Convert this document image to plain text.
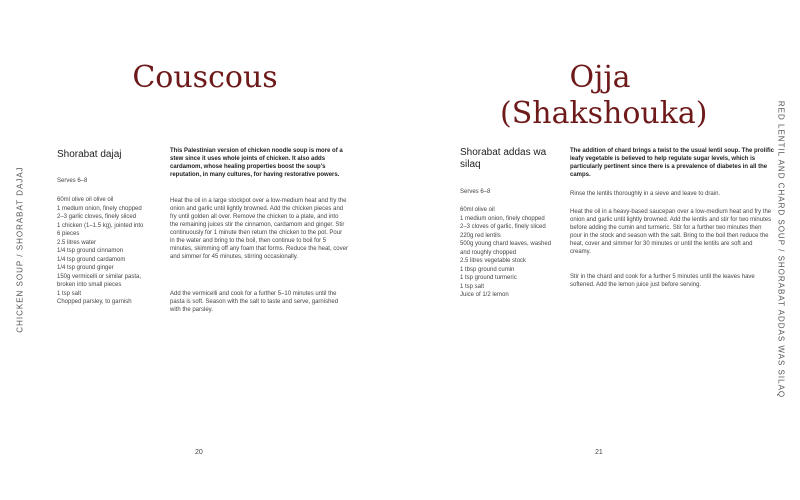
Couscous
CHICKEN SOUP / SHORABAT DAJAJ
Shorabat dajaj
Serves 6–8
60ml olive oil olive oil
1 medium onion, finely chopped
2–3 garlic cloves, finely sliced
1 chicken (1–1.5 kg), jointed into 6 pieces
2.5 litres water
1/4 tsp ground cinnamon
1/4 tsp ground cardamom
1/4 tsp ground ginger
150g vermicelli or similar pasta, broken into small pieces
1 tsp salt
Chopped parsley, to garnish

This Palestinian version of chicken noodle soup is more of a stew since it uses whole joints of chicken. It also adds cardamom, whose healing properties boost the soup's reputation, in many cultures, for having restorative powers.

Heat the oil in a large stockpot over a low-medium heat and fry the onion and garlic until lightly browned. Add the chicken pieces and fry until golden all over. Remove the chicken to a plate, and into the remaining juices stir the cinnamon, cardamom and ginger. Stir continuously for 1 minute then return the chicken to the pot. Pour in the water and bring to the boil, then continue to boil for 5 minutes, skimming off any foam that forms. Reduce the heat, cover and simmer for 45 minutes, stirring occasionally.

Add the vermicelli and cook for a further 5–10 minutes until the pasta is soft. Season with the salt to taste and serve, garnished with the parsley.

20
Ojja (Shakshouka)	RED LENTIL AND CHARD SOUP / SHORABAT ADDAS WAS SILAQ
Shorabat addas wa silaq
Serves 6–8
60ml olive oil
1 medium onion, finely chopped
2–3 cloves of garlic, finely sliced
220g red lentils
500g young chard leaves, washed and roughly chopped
2.5 litres vegetable stock
1 tbsp ground cumin
1 tsp ground turmeric
1 tsp salt
Juice of 1/2 lemon

The addition of chard brings a twist to the usual lentil soup. The prolific leafy vegetable is believed to help regulate sugar levels, which is particularly pertinent since there is a prevalence of diabetes in all the camps.

Rinse the lentils thoroughly in a sieve and leave to drain.

Heat the oil in a heavy-based saucepan over a low-medium heat and fry the onion and garlic until lightly browned. Add the lentils and stir for two minutes before adding the cumin and turmeric. Stir for a further two minutes then pour in the stock and season with the salt. Bring to the boil then reduce the heat, cover and simmer for 30 minutes or until the lentils are soft and creamy.

Stir in the chard and cook for a further 5 minutes until the leaves have softened. Add the lemon juice just before serving.

21
